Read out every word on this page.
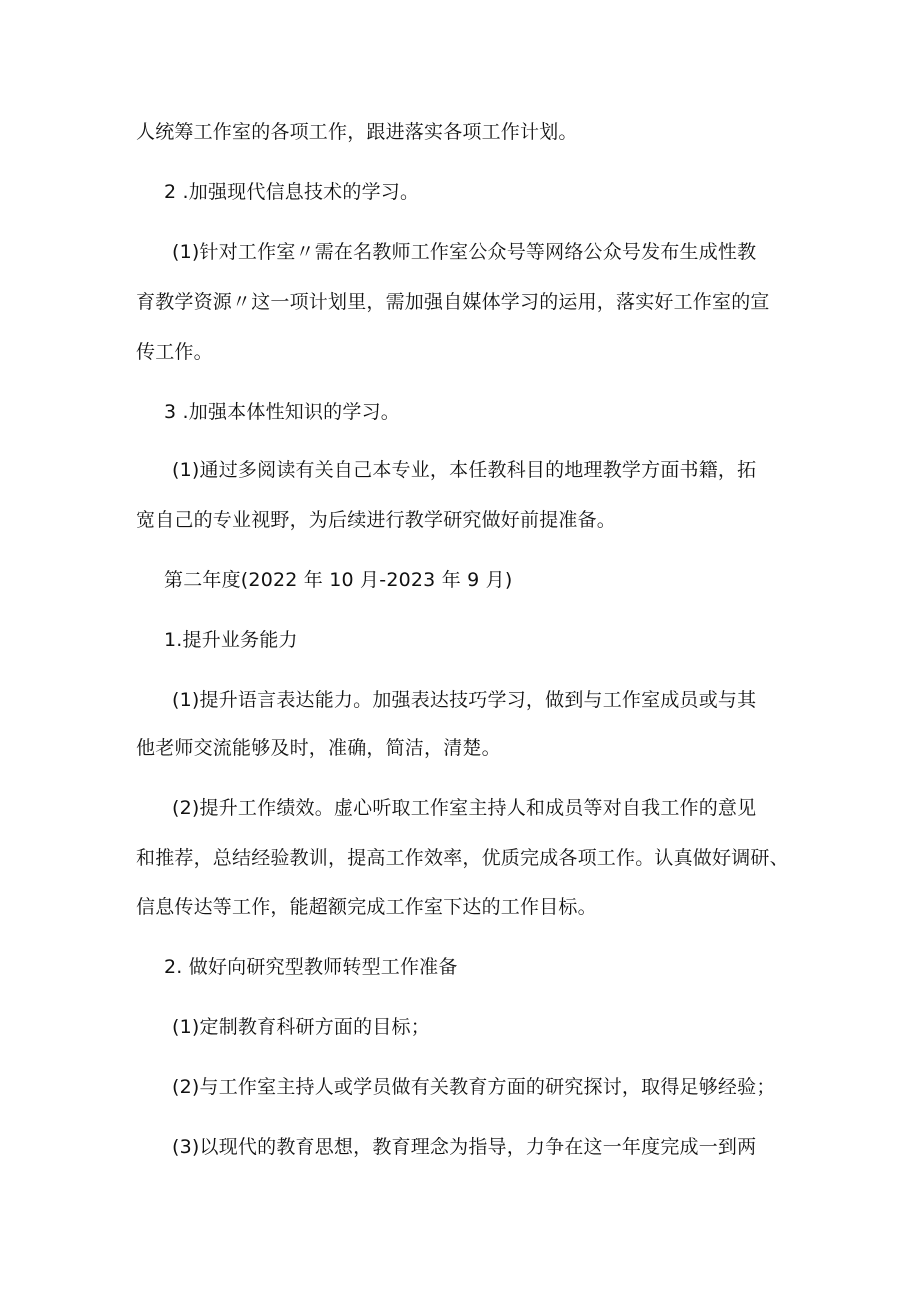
人统筹工作室的各项工作，跟进落实各项工作计划。
2 .加强现代信息技术的学习。
(1)针对工作室〃需在名教师工作室公众号等网络公众号发布生成性教
育教学资源〃这一项计划里，需加强自媒体学习的运用，落实好工作室的宣
传工作。
3 .加强本体性知识的学习。
(1)通过多阅读有关自己本专业，本任教科目的地理教学方面书籍，拓
宽自己的专业视野，为后续进行教学研究做好前提准备。
第二年度(2022 年 10 月-2023 年 9 月)
1.提升业务能力
(1)提升语言表达能力。加强表达技巧学习，做到与工作室成员或与其
他老师交流能够及时，准确，简洁，清楚。
(2)提升工作绩效。虚心听取工作室主持人和成员等对自我工作的意见
和推荐，总结经验教训，提高工作效率，优质完成各项工作。认真做好调研、
信息传达等工作，能超额完成工作室下达的工作目标。
2. 做好向研究型教师转型工作准备
(1)定制教育科研方面的目标；
(2)与工作室主持人或学员做有关教育方面的研究探讨，取得足够经验；
(3)以现代的教育思想，教育理念为指导，力争在这一年度完成一到两
